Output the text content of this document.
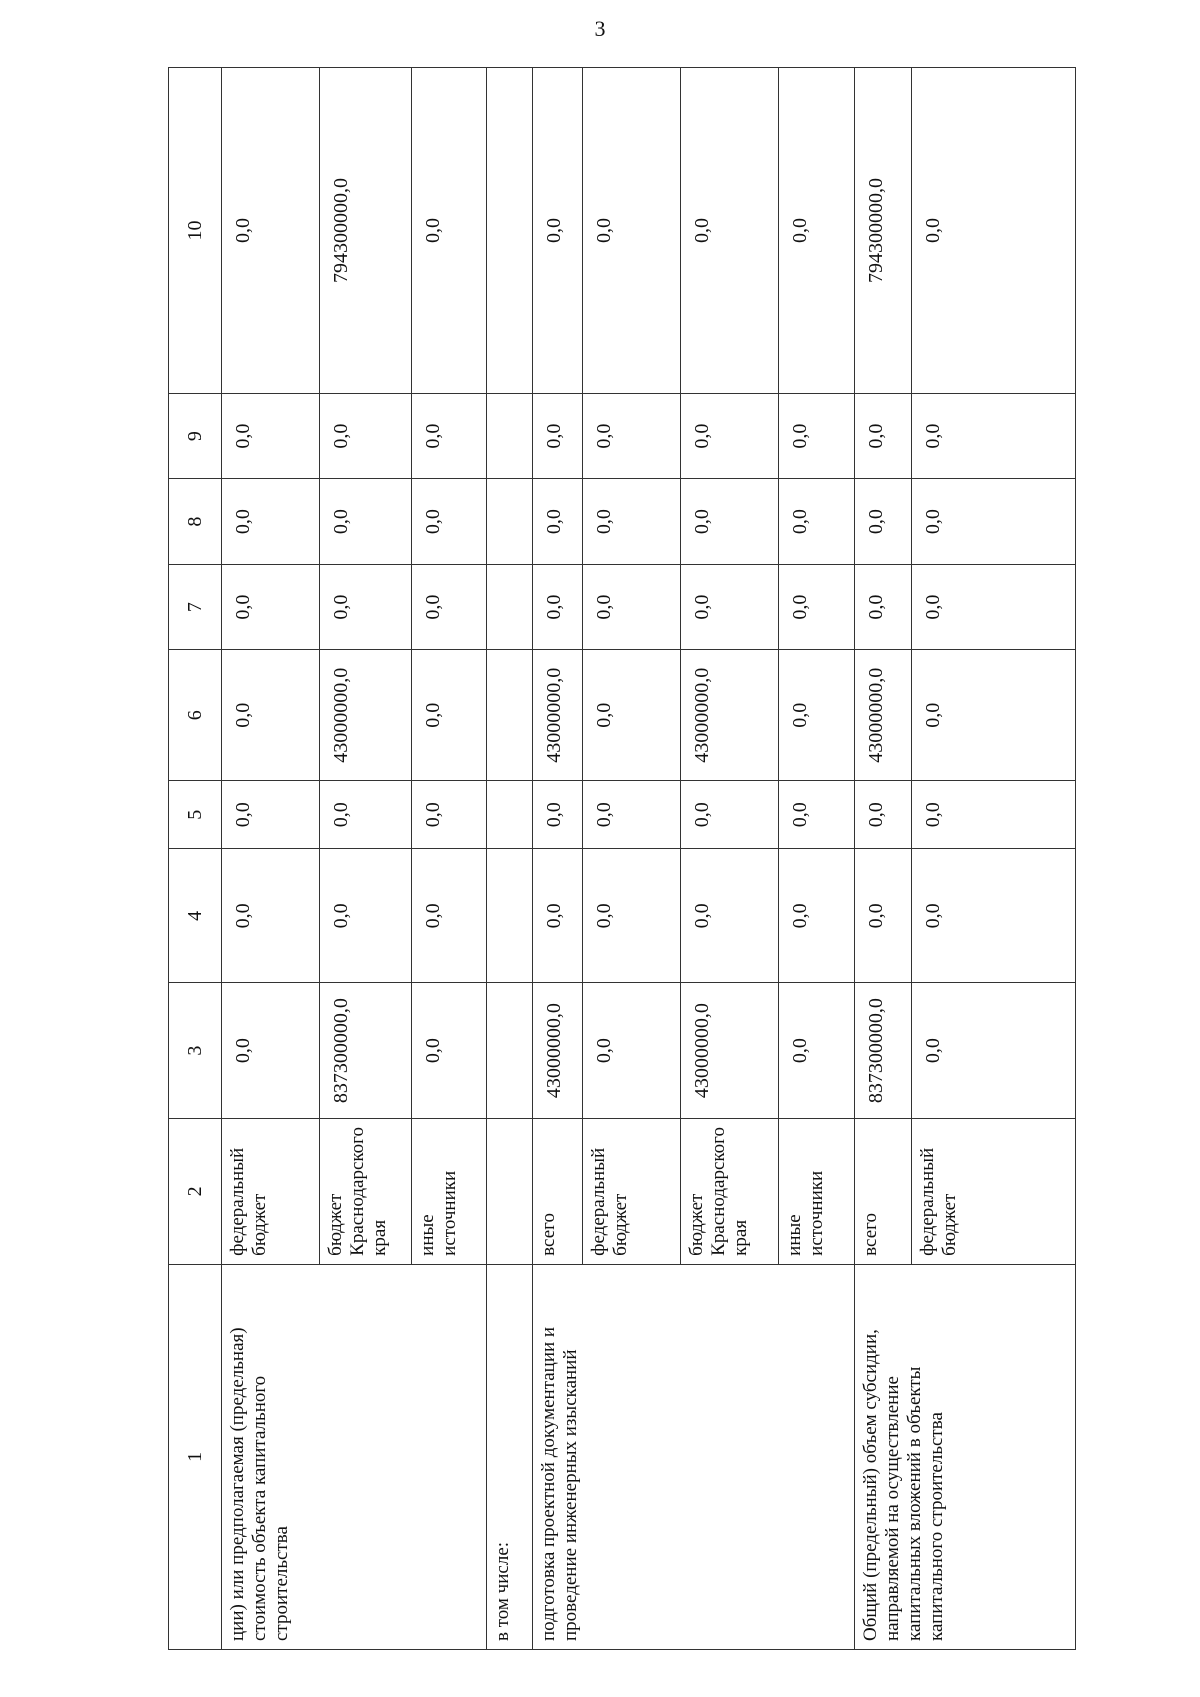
3
1	2	3	4	5	6	7	8	9	10
ции) или предполагаемая (предельная) стоимость объекта капитального строительства	федеральный бюджет	0,0	0,0	0,0	0,0	0,0	0,0	0,0	0,0
	бюджет Краснодарского края	837300000,0	0,0	0,0	43000000,0	0,0	0,0	0,0	794300000,0
	иные источники	0,0	0,0	0,0	0,0	0,0	0,0	0,0	0,0
в том числе:									
подготовка проектной документации и проведение инженерных изысканий	всего	43000000,0	0,0	0,0	43000000,0	0,0	0,0	0,0	0,0
	федеральный бюджет	0,0	0,0	0,0	0,0	0,0	0,0	0,0	0,0
	бюджет Краснодарского края	43000000,0	0,0	0,0	43000000,0	0,0	0,0	0,0	0,0
	иные источники	0,0	0,0	0,0	0,0	0,0	0,0	0,0	0,0
Общий (предельный) объем субсидии, направляемой на осуществление капитальных вложений в объекты капитального строительства	всего	837300000,0	0,0	0,0	43000000,0	0,0	0,0	0,0	794300000,0
	федеральный бюджет	0,0	0,0	0,0	0,0	0,0	0,0	0,0	0,0
